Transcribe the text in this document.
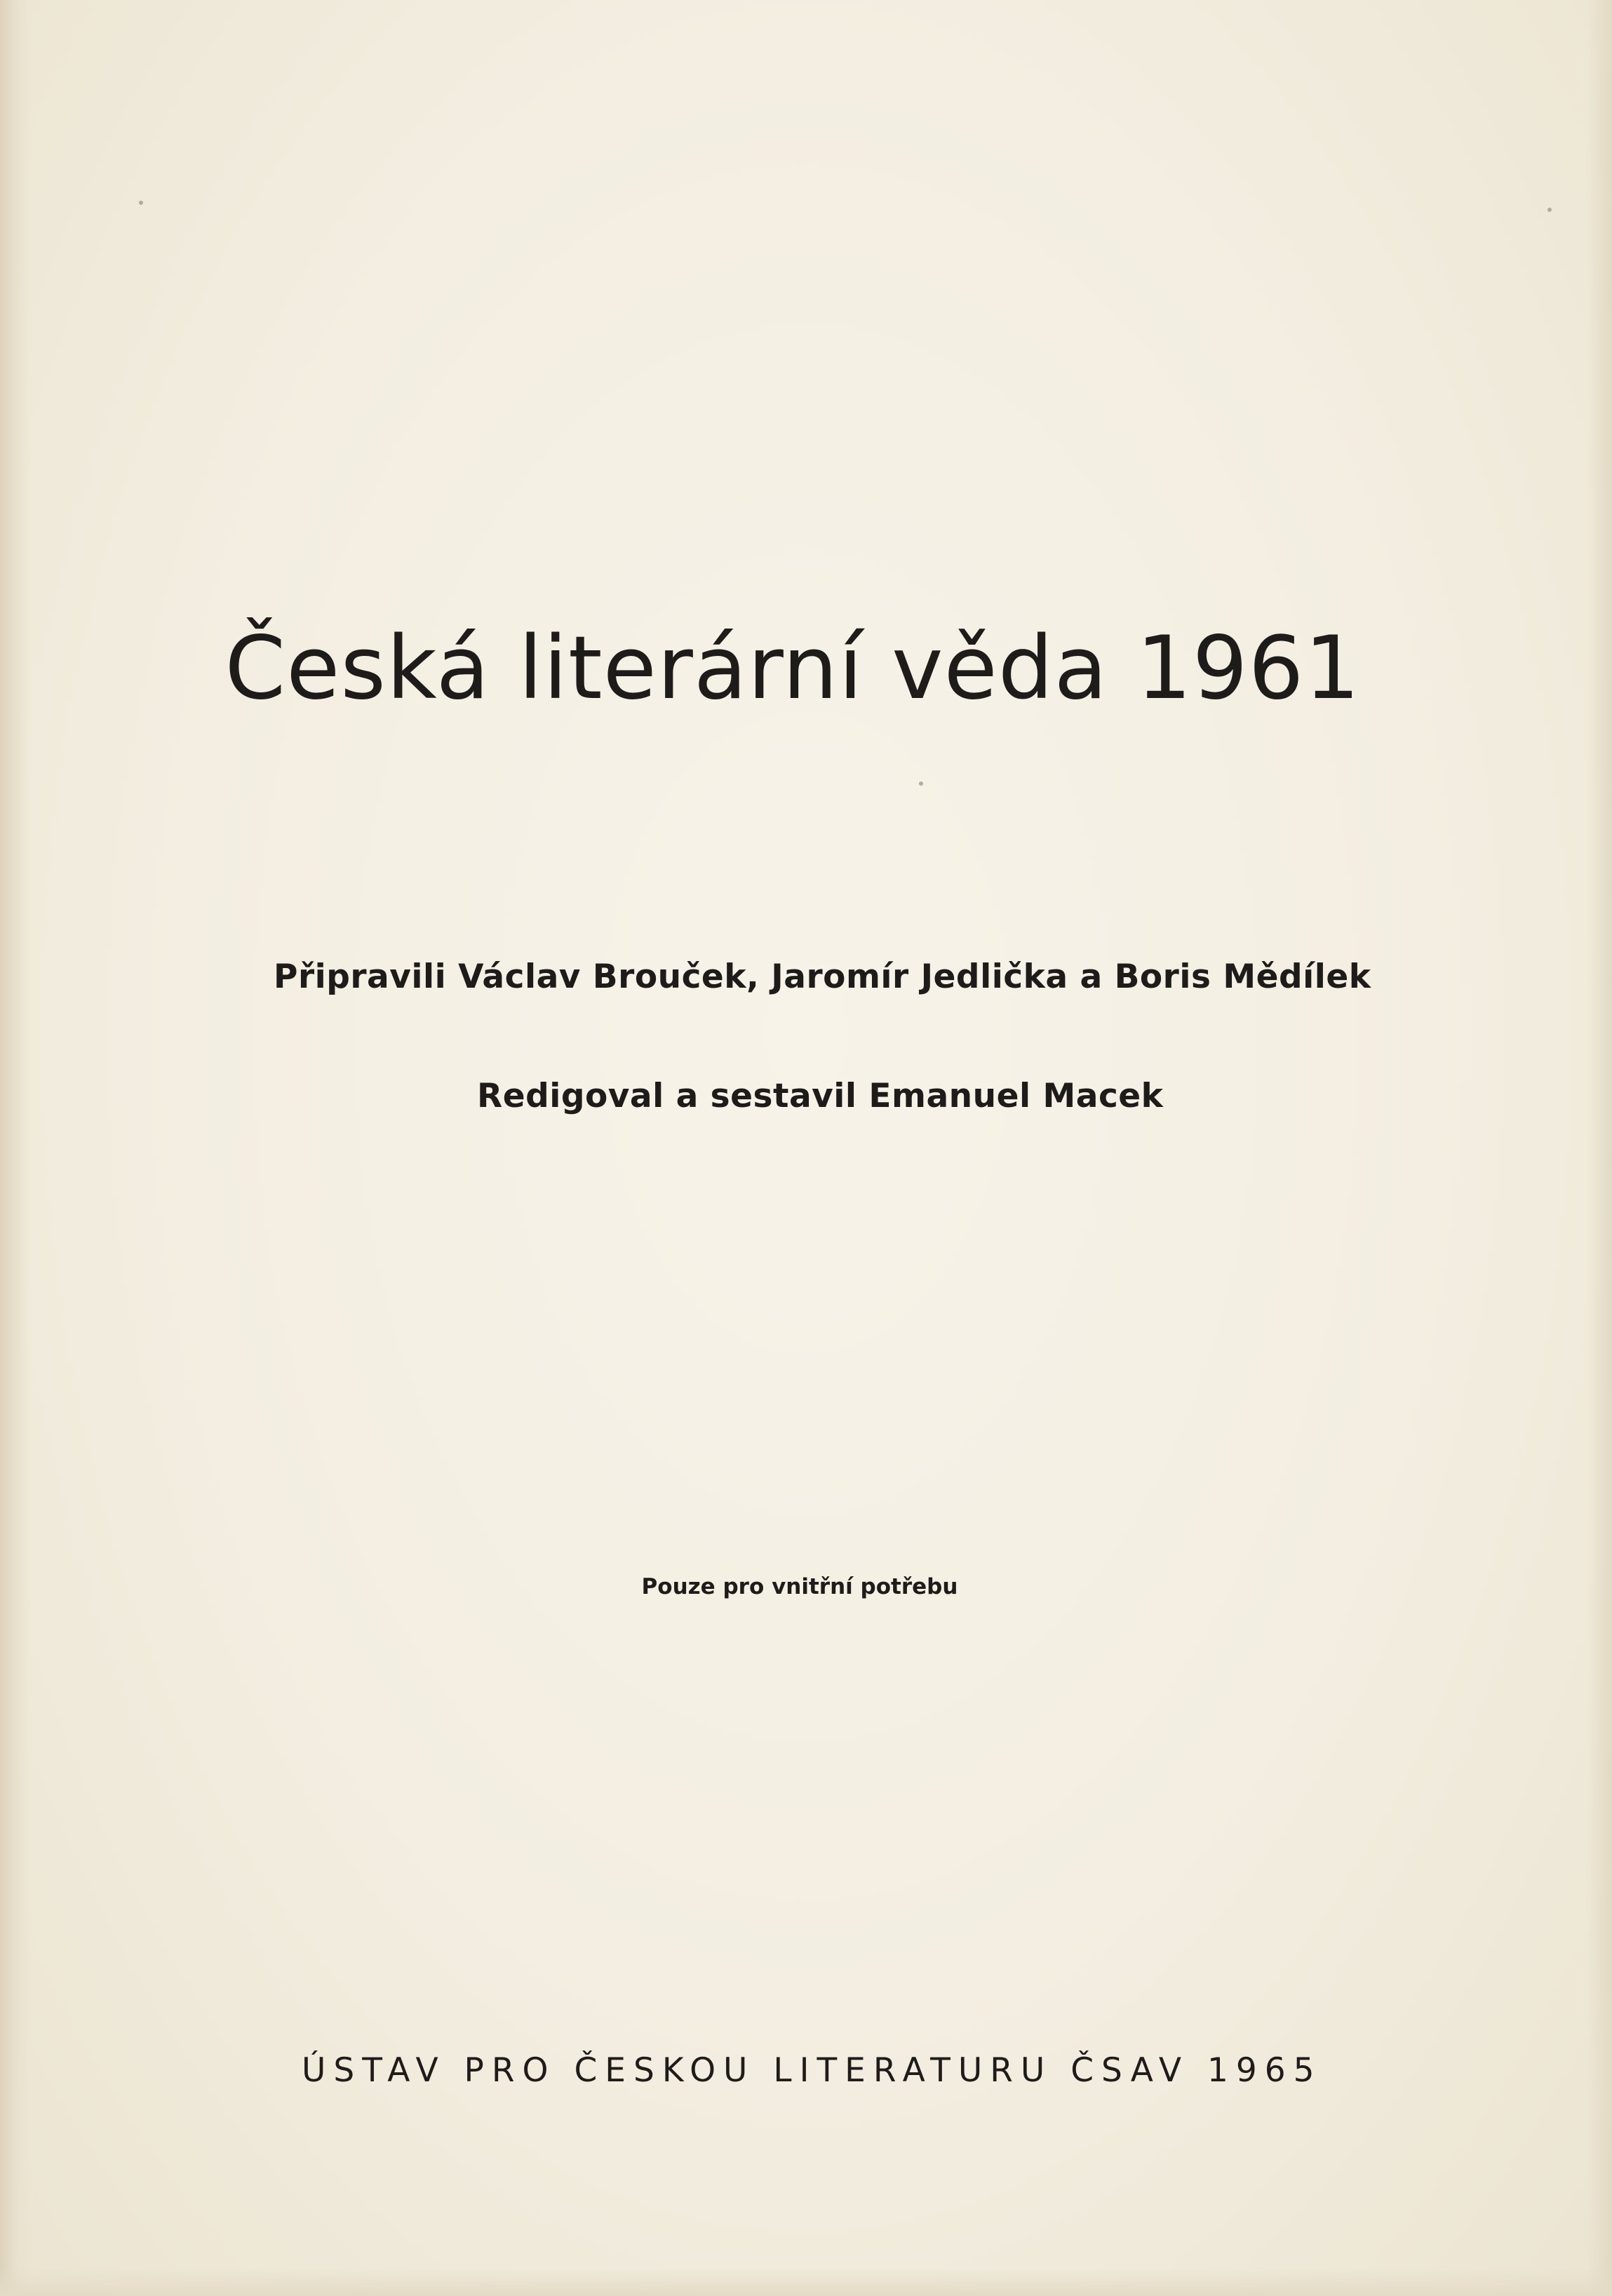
Česká literární věda 1961
Připravili Václav Brouček, Jaromír Jedlička a Boris Mědílek
Redigoval a sestavil Emanuel Macek
Pouze pro vnitřní potřebu
ÚSTAV PRO ČESKOU LITERATURU ČSAV 1965
